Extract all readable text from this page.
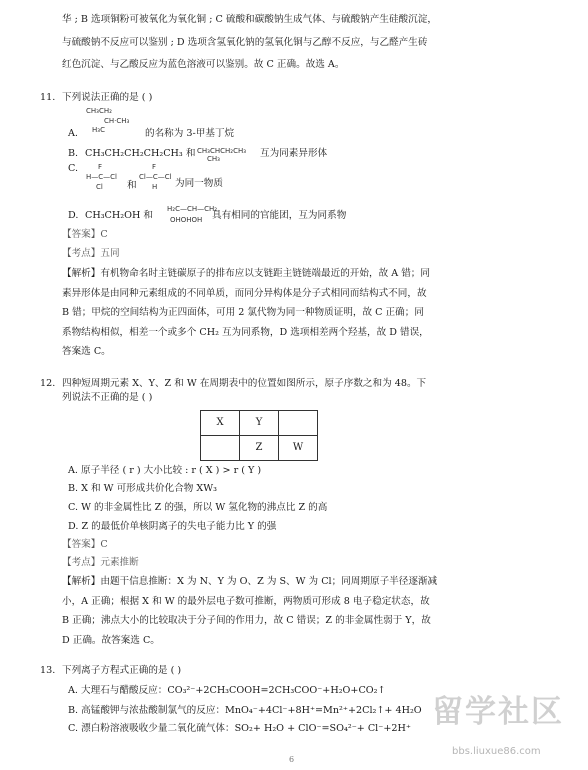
华 ; B 选项铜粉可被氧化为氧化铜 ; C 硫酸和碳酸钠生成气体、与硫酸钠产生硅酸沉淀，
与硫酸钠不反应可以鉴别 ; D 选项含氢氧化钠的氢氧化铜与乙醇不反应，与乙醛产生砖
红色沉淀、与乙酸反应为蓝色溶液可以鉴别。故 C 正确。故选 A。
11. 下列说法正确的是 ( )
CH₃CH₂
CH·CH₃
H₃C
A.	的名称为 3-甲基丁烷
B. CH₃CH₂CH₂CH₂CH₃ 和 CH₃CHCH₂CH₃
CH₃	互为同素异形体
C.	F
H—C—Cl
Cl	和
F
Cl—C—Cl
H 为同一物质
D. CH₃CH₂OH 和
H₂C—CH—CH₂
OHOHOH 具有相同的官能团，互为同系物
【答案】C
【考点】五同
【解析】有机物命名时主链碳原子的排布应以支链距主链链端最近的开始，故 A 错；同
素异形体是由同种元素组成的不同单质，而同分异构体是分子式相同而结构式不同，故
B 错；甲烷的空间结构为正四面体，可用 2 氯代物为同一种物质证明，故 C 正确；同
系物结构相似，相差一个或多个 CH₂ 互为同系物，D 选项相差两个羟基，故 D 错误，
答案选 C。
12. 四种短周期元素 X、Y、Z 和 W 在周期表中的位置如图所示，原子序数之和为 48。下
列说法不正确的是 ( )
X	Y	
	Z	W
A. 原子半径 ( r ) 大小比较 : r ( X ) > r ( Y )
B. X 和 W 可形成共价化合物 XW₃
C. W 的非金属性比 Z 的强，所以 W 氢化物的沸点比 Z 的高
D. Z 的最低价单核阴离子的失电子能力比 Y 的强
【答案】C
【考点】元素推断
【解析】由题干信息推断：X 为 N、Y 为 O、Z 为 S、W 为 Cl；同周期原子半径逐渐减
小，A 正确；根据 X 和 W 的最外层电子数可推断，两物质可形成 8 电子稳定状态，故
B 正确；沸点大小的比较取决于分子间的作用力，故 C 错误；Z 的非金属性弱于 Y，故
D 正确。故答案选 C。
13. 下列离子方程式正确的是 ( )
A. 大理石与醋酸反应：CO₃²⁻+2CH₃COOH=2CH₃COO⁻+H₂O+CO₂↑
B. 高锰酸钾与浓盐酸制氯气的反应：MnO₄⁻+4Cl⁻+8H⁺=Mn²⁺+2Cl₂↑+ 4H₂O
C. 漂白粉溶液吸收少量二氧化硫气体：SO₂+ H₂O + ClO⁻=SO₄²⁻+ Cl⁻+2H⁺
6
留学社区
bbs.liuxue86.com
